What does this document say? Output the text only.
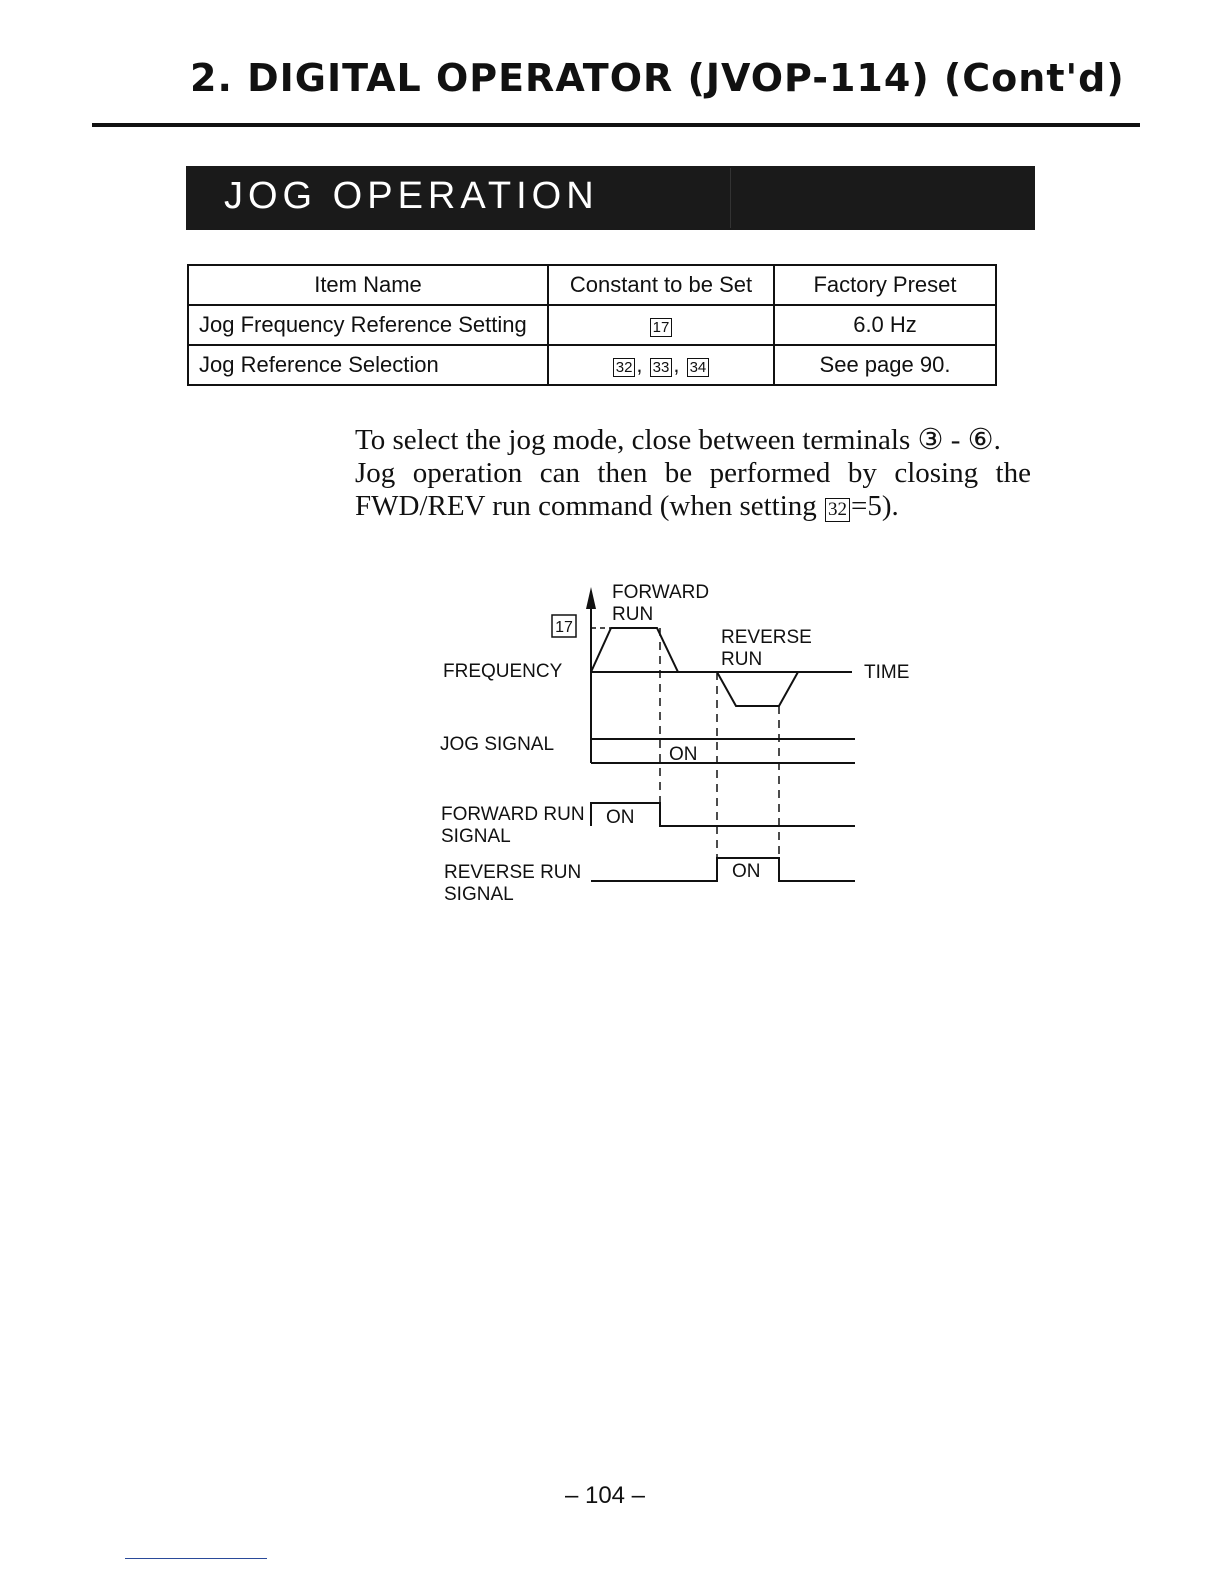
2. DIGITAL OPERATOR (JVOP-114) (Cont'd)
JOG OPERATION
Item Name	Constant to be Set	Factory Preset
Jog Frequency Reference Setting	17	6.0 Hz
Jog Reference Selection	32 , 33 , 34	See page 90.
To select the jog mode, close between terminals ③ - ⑥.
Jog operation can then be performed by closing the
FWD/REV run command (when setting 32 =5).
17
FORWARD
RUN
REVERSE
RUN
TIME
FREQUENCY
JOG SIGNAL
FORWARD RUN
SIGNAL
REVERSE RUN
SIGNAL
ON
ON
ON
– 104 –
